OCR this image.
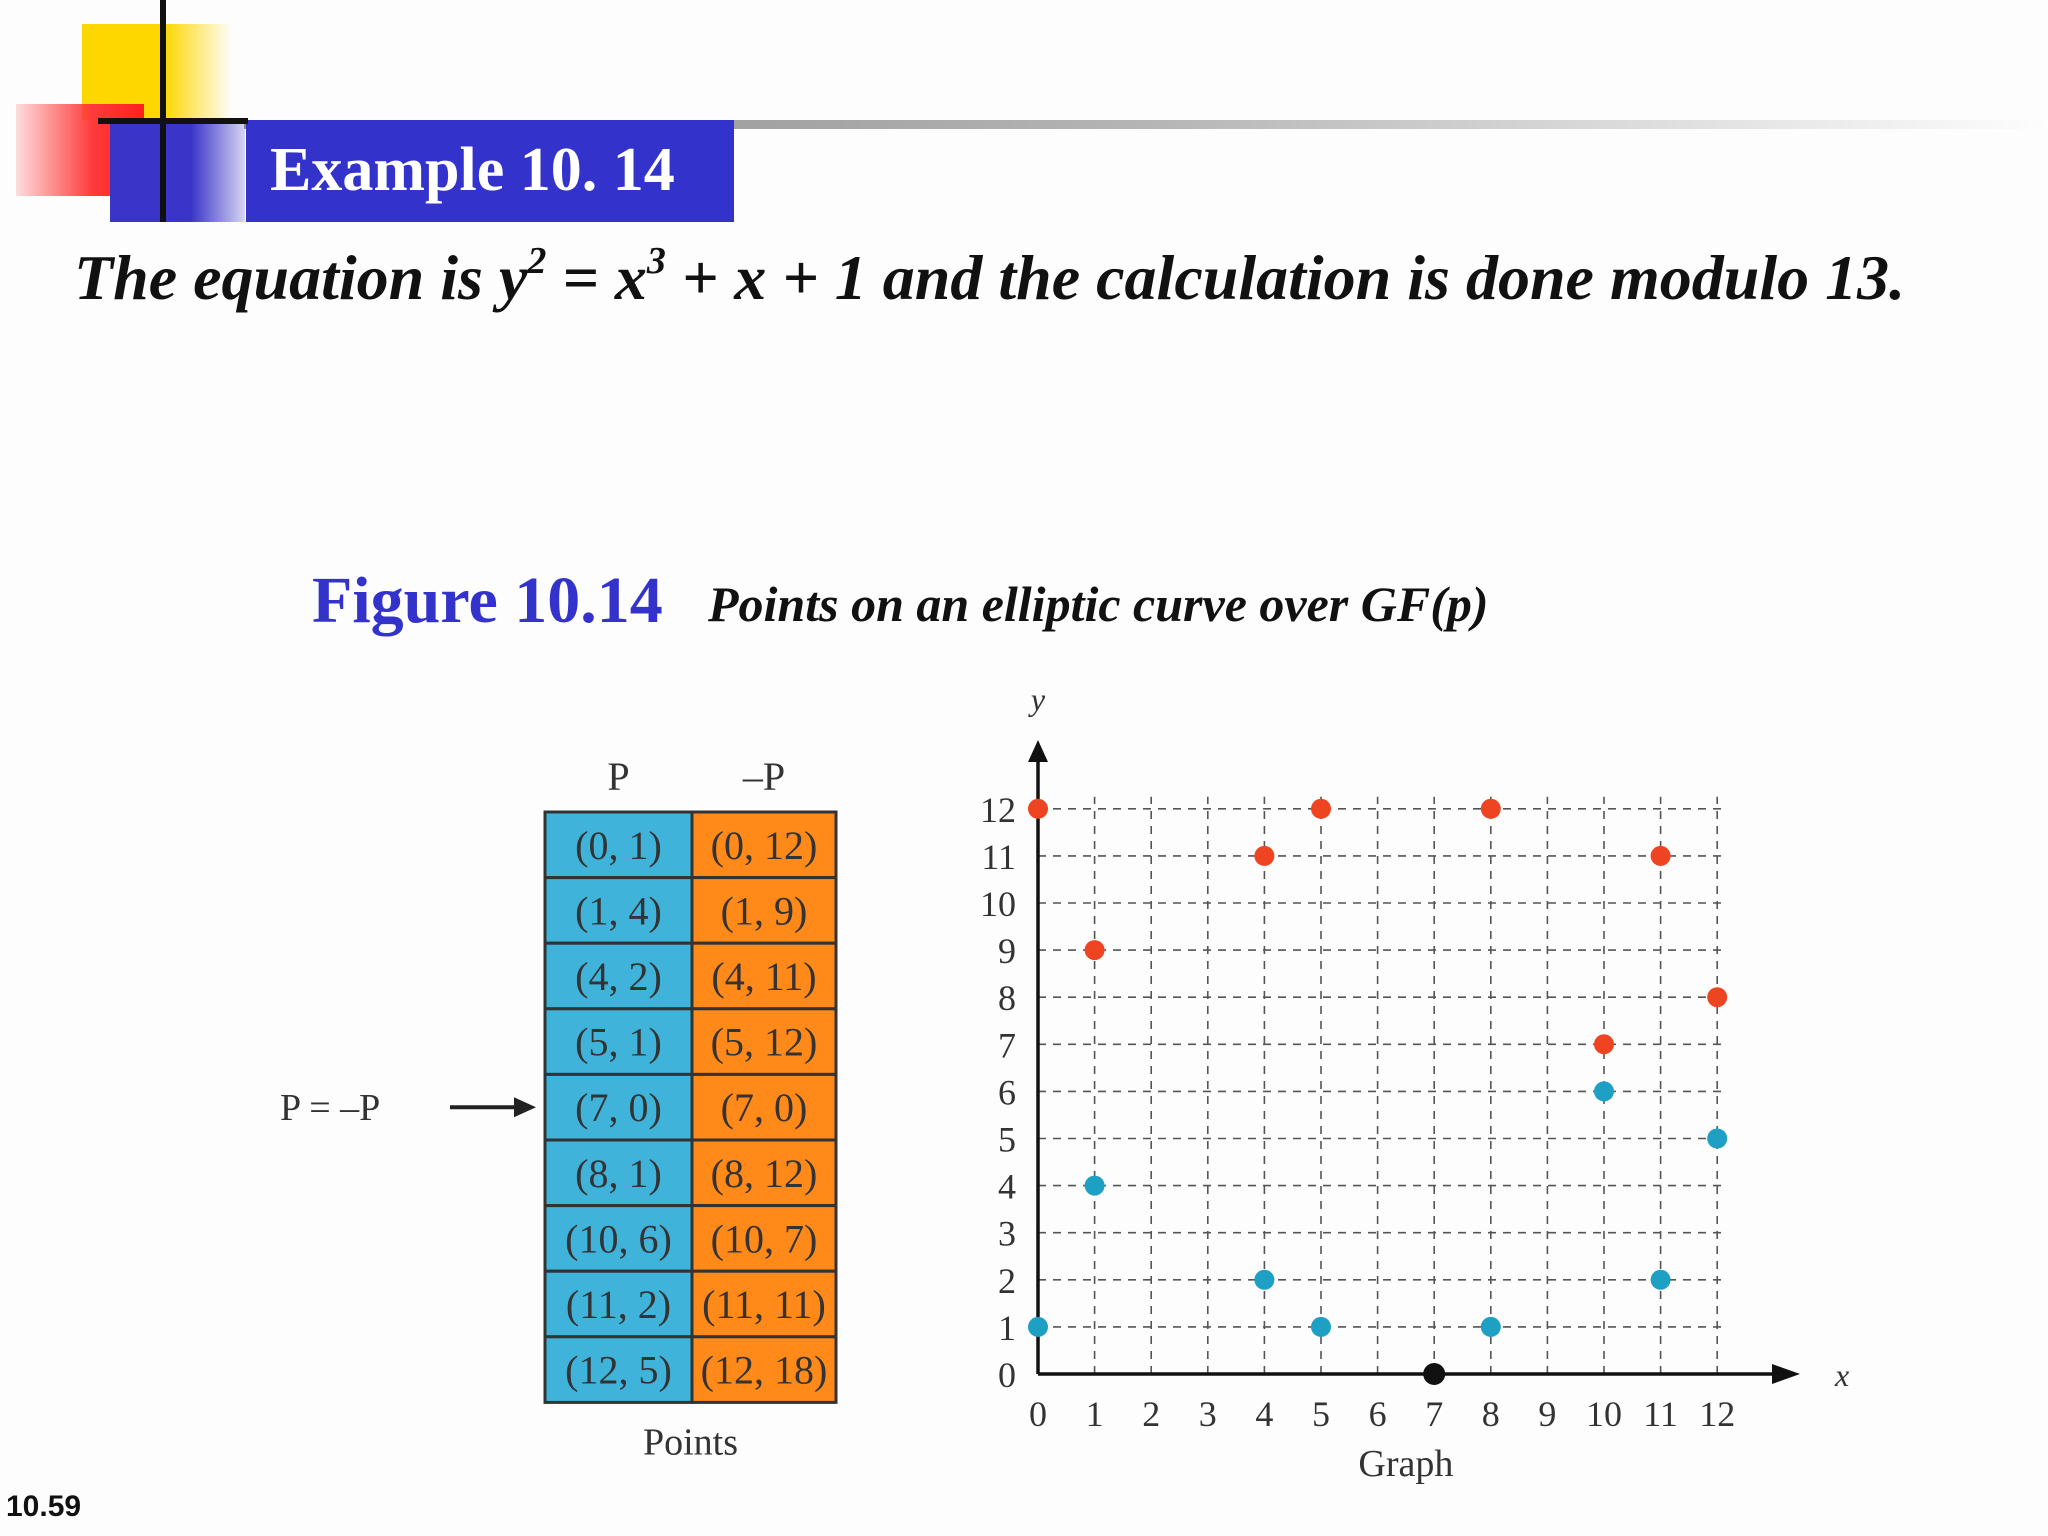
Example 10. 14
The equation is $y^2 = x^3 + x + 1$ and the calculation is done modulo 13.
Figure 10.14 Points on an elliptic curve over GF(p)
P	–P
(0, 1) (0, 12)
(1, 4) (1, 9)
(4, 2) (4, 11)
(5, 1) (5, 12)
(7, 0) (7, 0)
(8, 1) (8, 12)
(10, 6) (10, 7)
(11, 2) (11, 11)
(12, 5) (12, 18)
Points
P = –P
x
y
0 1 2 3 4 5 6 7 8 9 10 11 12
0
1
2
3
4
5
6
7
8
9
10
11
12
Graph
10.59
